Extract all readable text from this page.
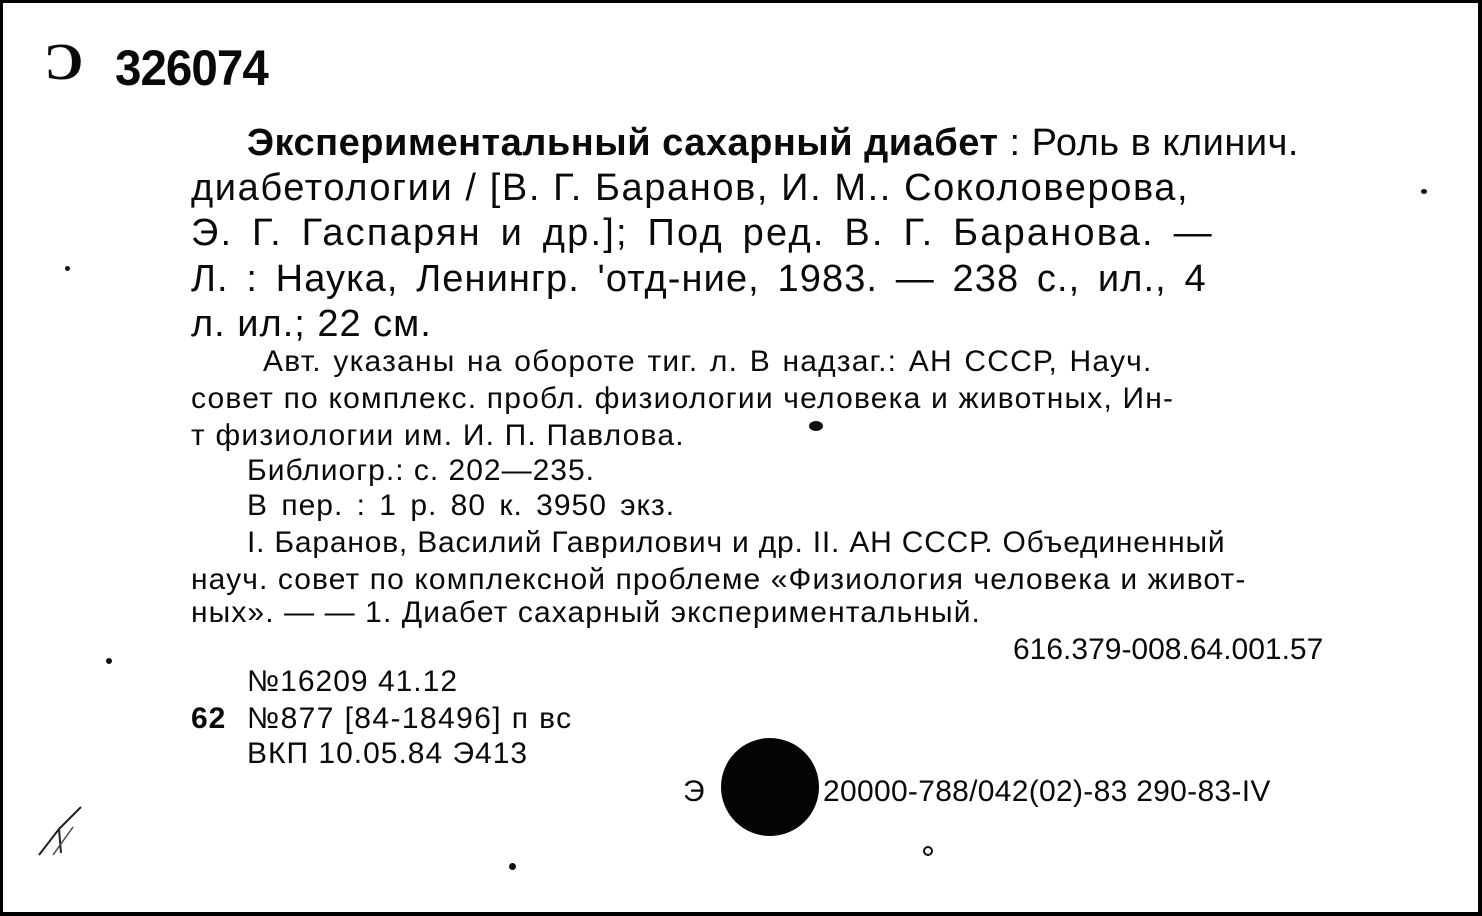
Ɔ 326074
Экспериментальный сахарный диабет : Роль в клинич.
диабетологии / [В. Г. Баранов, И. М.. Соколоверова,
Э. Г. Гаспарян и др.]; Под ред. В. Г. Баранова. —
Л. : Наука, Ленингр. 'отд-ние, 1983. — 238 с., ил., 4
л. ил.; 22 см.
Авт. указаны на обороте тиг. л. В надзаг.: АН СССР, Науч.
совет по комплекс. пробл. физиологии человека и животных, Ин-
т физиологии им. И. П. Павлова.
Библиогр.: с. 202—235.
В пер. : 1 р. 80 к. 3950 экз.
I. Баранов, Василий Гаврилович и др. II. АН СССР. Объединенный
науч. совет по комплексной проблеме «Физиология человека и живот-
ных». — — 1. Диабет сахарный экспериментальный.
616.379-008.64.001.57
№16209 41.12
62 №877 [84-18496] п вс
ВКП 10.05.84 Э413
Э	20000-788/042(02)-83 290-83-IV
